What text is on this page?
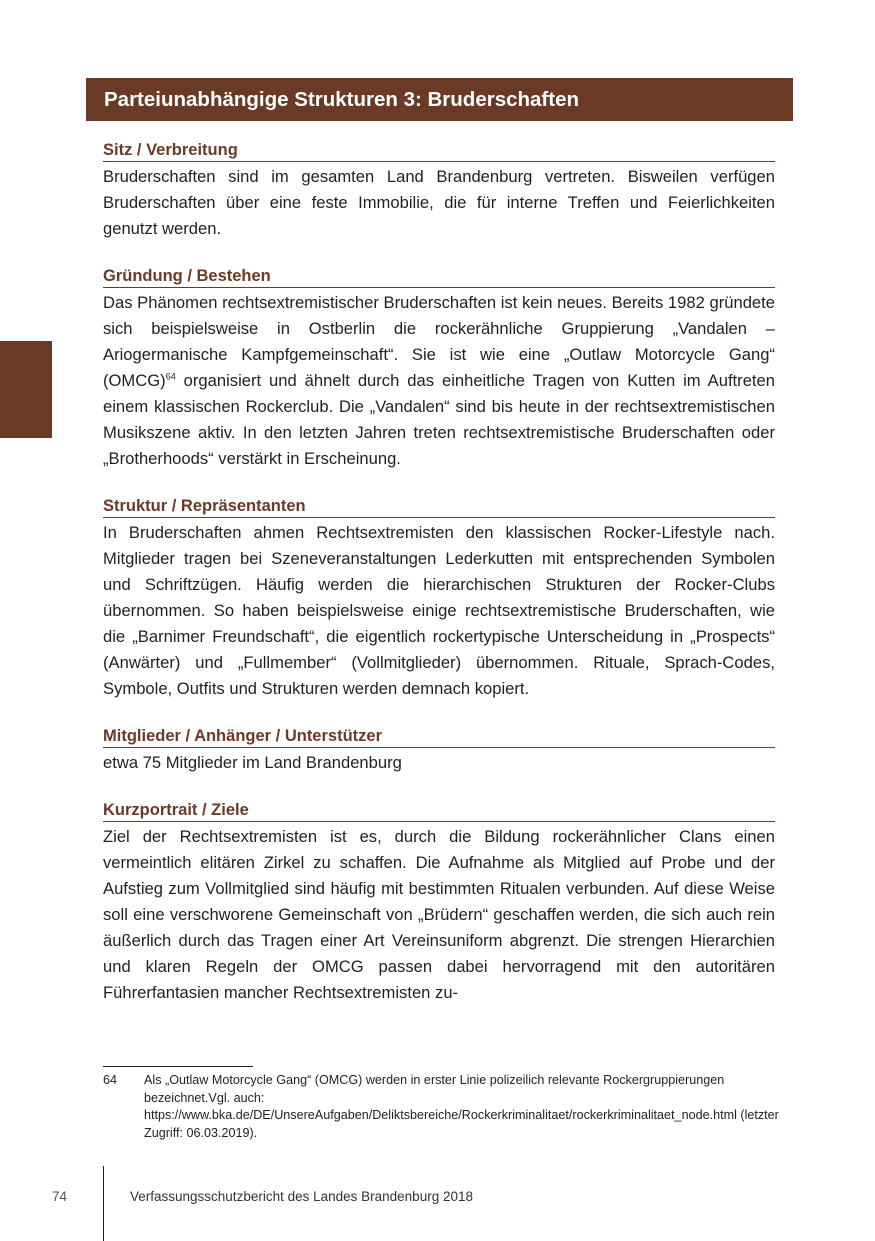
Parteiunabhängige Strukturen 3: Bruderschaften
Sitz / Verbreitung

Bruderschaften sind im gesamten Land Brandenburg vertreten. Bisweilen verfügen Bruderschaften über eine feste Immobilie, die für interne Treffen und Feierlichkeiten genutzt werden.

Gründung / Bestehen

Das Phänomen rechtsextremistischer Bruderschaften ist kein neues. Bereits 1982 gründete sich beispielsweise in Ostberlin die rockerähnliche Gruppierung „Vandalen – Ariogermanische Kampfgemeinschaft“. Sie ist wie eine „Outlaw Motorcycle Gang“ (OMCG)$^{64}$ organisiert und ähnelt durch das einheitliche Tragen von Kutten im Auftreten einem klassischen Rockerclub. Die „Vandalen“ sind bis heute in der rechtsextremistischen Musikszene aktiv. In den letzten Jahren treten rechtsextremistische Bruderschaften oder „Brotherhoods“ verstärkt in Erscheinung.

Struktur / Repräsentanten

In Bruderschaften ahmen Rechtsextremisten den klassischen Rocker-Lifestyle nach. Mitglieder tragen bei Szeneveranstaltungen Lederkutten mit entsprechenden Symbolen und Schriftzügen. Häufig werden die hierarchischen Strukturen der Rocker-Clubs übernommen. So haben beispielsweise einige rechtsextremistische Bruderschaften, wie die „Barnimer Freundschaft“, die eigentlich rockertypische Unterscheidung in „Prospects“ (Anwärter) und „Fullmember“ (Vollmitglieder) übernommen. Rituale, Sprach-Codes, Symbole, Outfits und Strukturen werden demnach kopiert.

Mitglieder / Anhänger / Unterstützer

etwa 75 Mitglieder im Land Brandenburg

Kurzportrait / Ziele

Ziel der Rechtsextremisten ist es, durch die Bildung rockerähnlicher Clans einen vermeintlich elitären Zirkel zu schaffen. Die Aufnahme als Mitglied auf Probe und der Aufstieg zum Vollmitglied sind häufig mit bestimmten Ritualen verbunden. Auf diese Weise soll eine verschworene Gemeinschaft von „Brüdern“ geschaffen werden, die sich auch rein äußerlich durch das Tragen einer Art Vereinsuniform abgrenzt. Die strengen Hierarchien und klaren Regeln der OMCG passen dabei hervorragend mit den autoritären Führerfantasien mancher Rechtsextremisten zu-

64 Als „Outlaw Motorcycle Gang“ (OMCG) werden in erster Linie polizeilich relevante Rockergruppierungen bezeichnet.Vgl. auch: https://www.bka.de/DE/UnsereAufgaben/Deliktsbereiche/Rockerkriminalitaet/rockerkriminalitaet_node.html (letzter Zugriff: 06.03.2019).
74	Verfassungsschutzbericht des Landes Brandenburg 2018
